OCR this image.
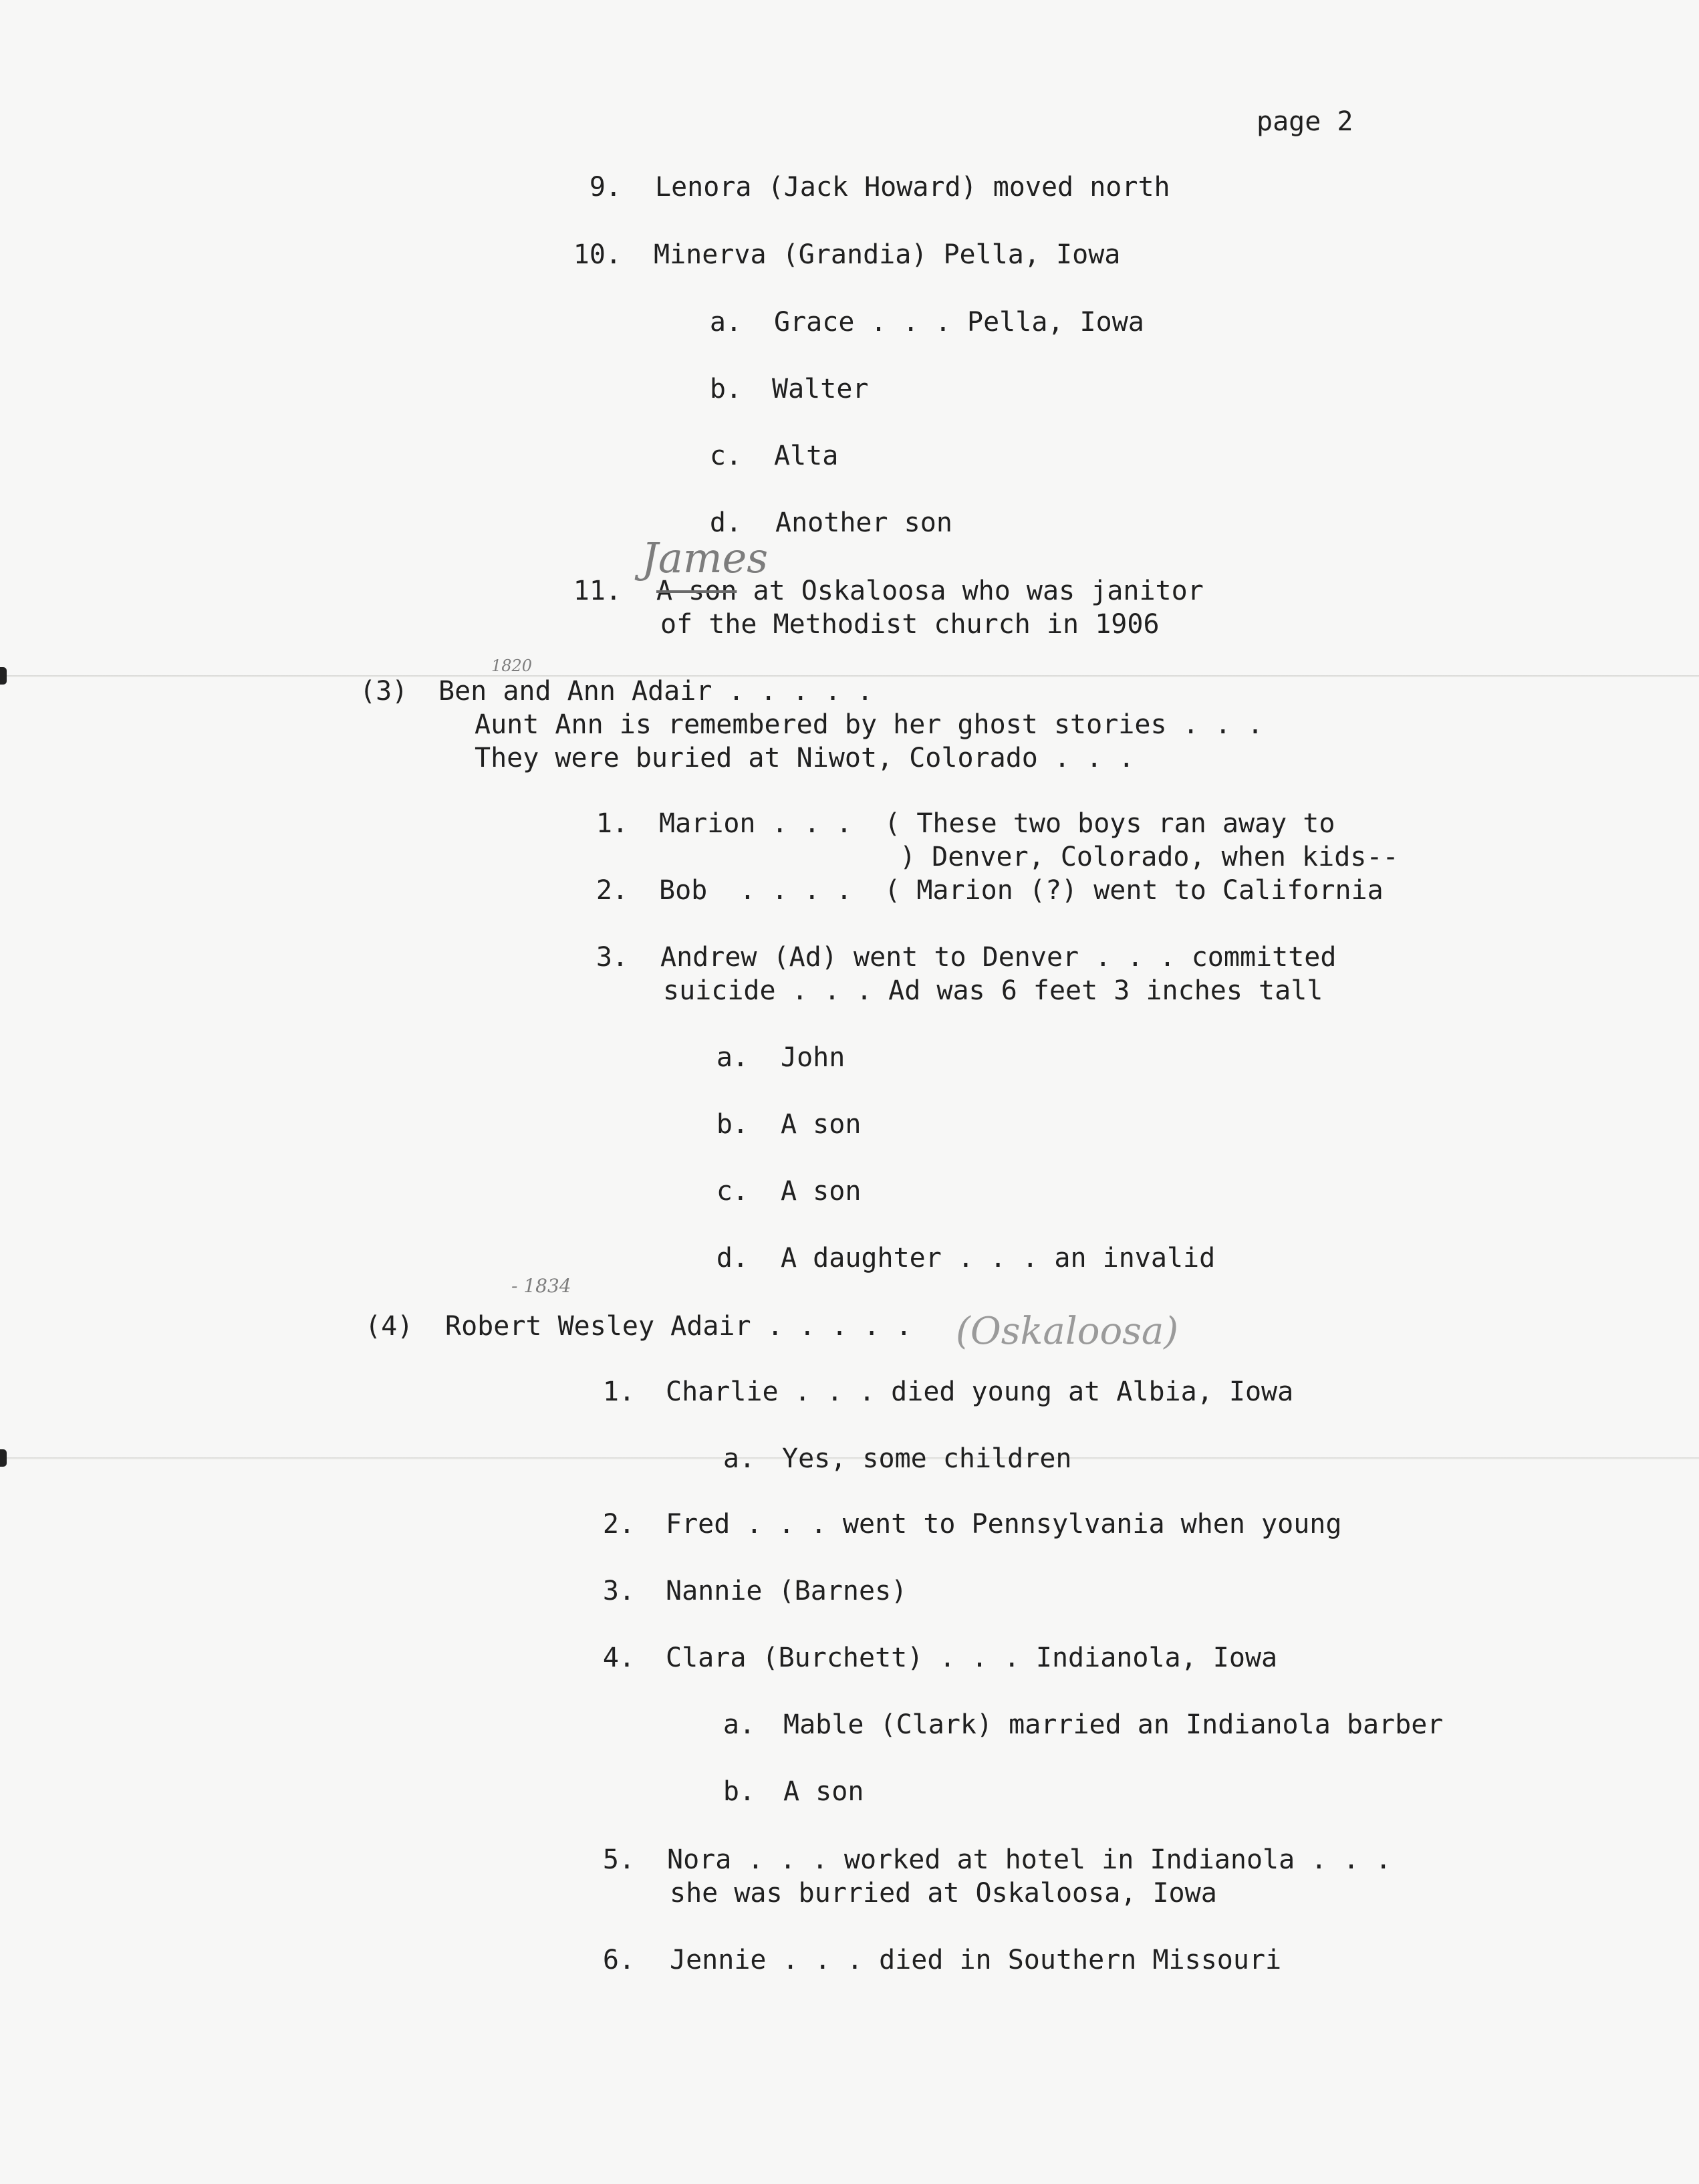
page 2
9. Lenora (Jack Howard) moved north
10. Minerva (Grandia) Pella, Iowa
a. Grace . . . Pella, Iowa
b. Walter
c. Alta
d. Another son
James
11. A son at Oskaloosa who was janitor
of the Methodist church in 1906
1820
(3) Ben and Ann Adair . . . . .
Aunt Ann is remembered by her ghost stories . . .
They were buried at Niwot, Colorado . . .
1. Marion . . .  ( These two boys ran away to
) Denver, Colorado, when kids--
2. Bob  . . . .  ( Marion (?) went to California
3. Andrew (Ad) went to Denver . . . committed
suicide . . . Ad was 6 feet 3 inches tall
a. John
b. A son
c. A son
d. A daughter . . . an invalid
- 1834
(4) Robert Wesley Adair . . . . . (Oskaloosa)
1. Charlie . . . died young at Albia, Iowa
a. Yes, some children
2. Fred . . . went to Pennsylvania when young
3. Nannie (Barnes)
4. Clara (Burchett) . . . Indianola, Iowa
a. Mable (Clark) married an Indianola barber
b. A son
5. Nora . . . worked at hotel in Indianola . . .
she was burried at Oskaloosa, Iowa
6. Jennie . . . died in Southern Missouri
